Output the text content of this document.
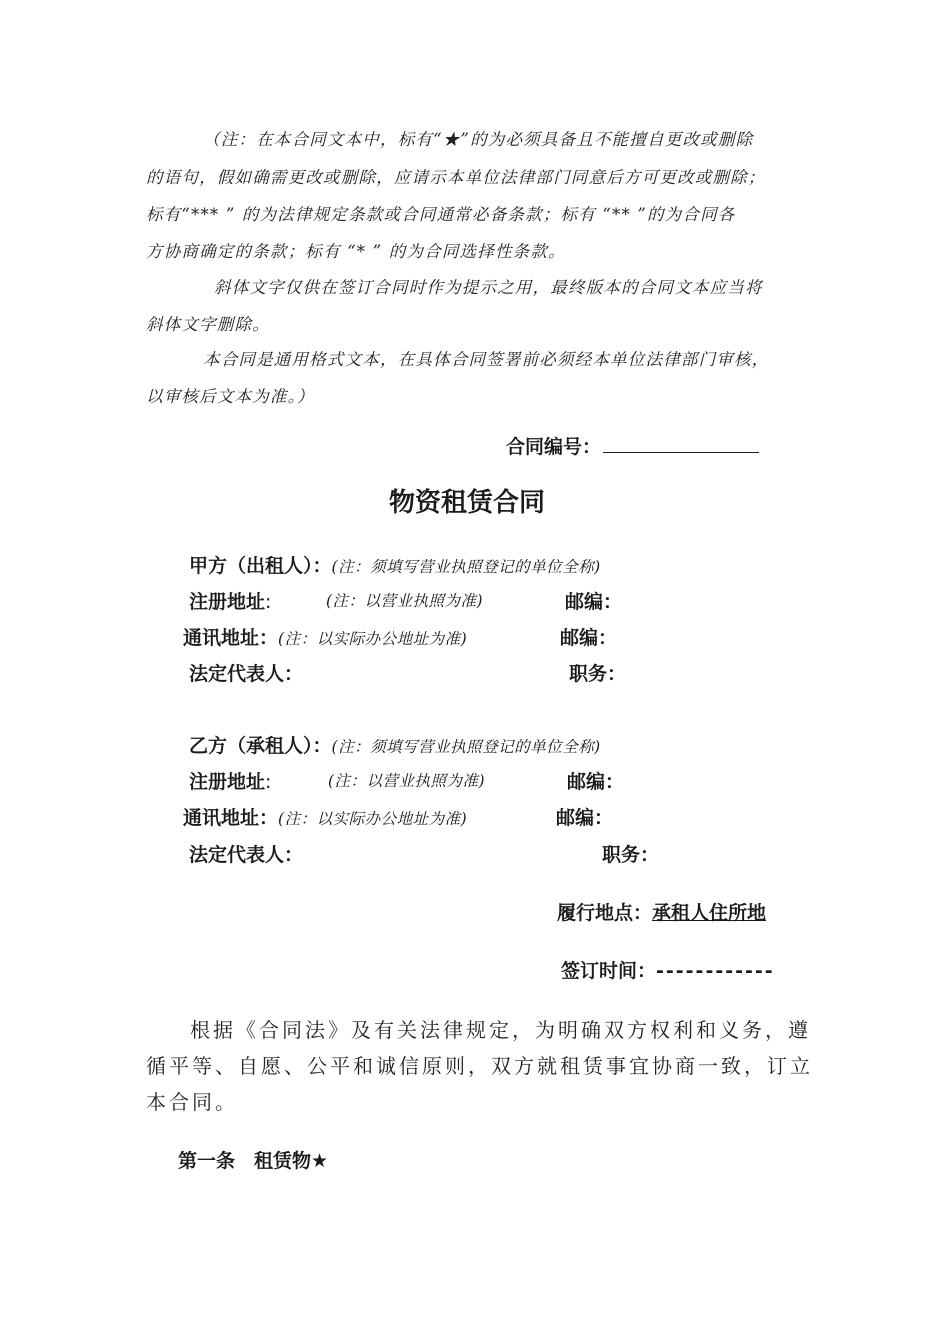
（注：在本合同文本中，标有“★”的为必须具备且不能擅自更改或删除
的语句，假如确需更改或删除，应请示本单位法律部门同意后方可更改或删除；
标有“*** ” 的为法律规定条款或合同通常必备条款；标有 “** ”的为合同各
方协商确定的条款；标有 “* ” 的为合同选择性条款。
斜体文字仅供在签订合同时作为提示之用，最终版本的合同文本应当将
斜体文字删除。
本合同是通用格式文本，在具体合同签署前必须经本单位法律部门审核，
以审核后文本为准。）
合同编号：
物资租赁合同
甲方（出租人）：(注：须填写营业执照登记的单位全称)
注册地址:	(注：以营业执照为准)	邮编：
通讯地址：(注：以实际办公地址为准)	邮编：
法定代表人：	职务：
乙方（承租人）：(注：须填写营业执照登记的单位全称)
注册地址:	(注：以营业执照为准)	邮编：
通讯地址：(注：以实际办公地址为准)	邮编：
法定代表人：	职务：
履行地点：承租人住所地
签订时间：------------
根据《合同法》及有关法律规定，为明确双方权利和义务，遵
循平等、自愿、公平和诚信原则，双方就租赁事宜协商一致，订立
本合同。
第一条　租赁物★
